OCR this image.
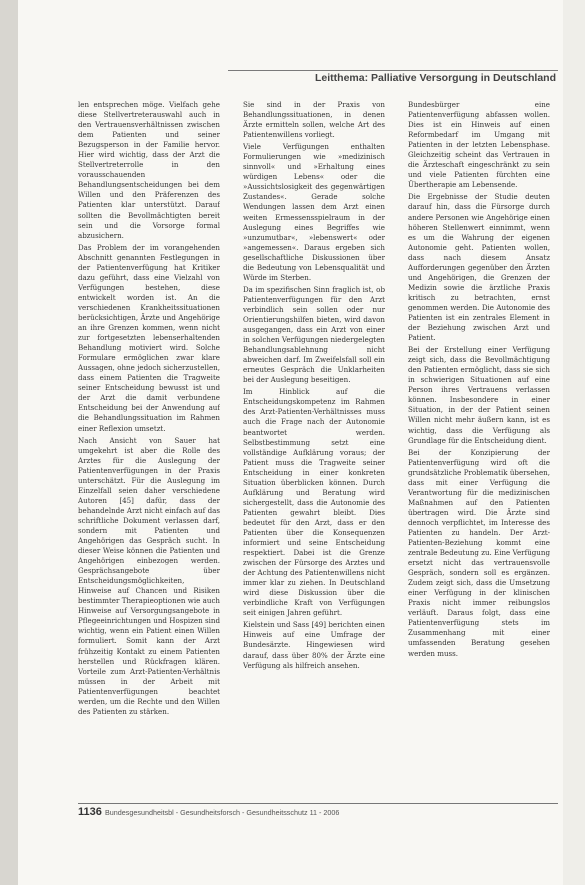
Leitthema: Palliative Versorgung in Deutschland

len entsprechen möge. Vielfach gehe diese Stellvertreterauswahl auch in den Vertrauensverhältnissen zwischen dem Patienten und seiner Bezugsperson in der Familie hervor. Hier wird wichtig, dass der Arzt die Stellvertreterrolle in den vorausschauenden Behandlungsentscheidungen bei dem Willen und den Präferenzen des Patienten klar unterstützt. Darauf sollten die Bevollmächtigten bereit sein und die Vorsorge formal abzusichern.

Das Problem der im vorangehenden Abschnitt genannten Festlegungen in der Patientenverfügung hat Kritiker dazu geführt, dass eine Vielzahl von Verfügungen bestehen, diese entwickelt worden ist. An die verschiedenen Krankheitssituationen berücksichtigen, Ärzte und Angehörige an ihre Grenzen kommen, wenn nicht zur fortgesetzten lebenserhaltenden Behandlung motiviert wird. Solche Formulare ermöglichen zwar klare Aussagen, ohne jedoch sicherzustellen, dass einem Patienten die Tragweite seiner Entscheidung bewusst ist und der Arzt die damit verbundene Entscheidung bei der Anwendung auf die Behandlungssituation im Rahmen einer Reflexion umsetzt.

Nach Ansicht von Sauer hat umgekehrt ist aber die Rolle des Arztes für die Auslegung der Patientenverfügungen in der Praxis unterschätzt. Für die Auslegung im Einzelfall seien daher verschiedene Autoren [45] dafür, dass der behandelnde Arzt nicht einfach auf das schriftliche Dokument verlassen darf, sondern mit Patienten und Angehörigen das Gespräch sucht. In dieser Weise können die Patienten und Angehörigen einbezogen werden. Gesprächsangebote über Entscheidungsmöglichkeiten, Hinweise auf Chancen und Risiken bestimmter Therapieoptionen wie auch Hinweise auf Versorgungsangebote in Pflegeeinrichtungen und Hospizen sind wichtig, wenn ein Patient einen Willen formuliert. Somit kann der Arzt frühzeitig Kontakt zu einem Patienten herstellen und Rückfragen klären. Vorteile zum Arzt-Patienten-Verhältnis müssen in der Arbeit mit Patientenverfügungen beachtet werden, um die Rechte und den Willen des Patienten zu stärken.

Sie sind in der Praxis von Behandlungssituationen, in denen Ärzte ermitteln sollen, welche Art des Patientenwillens vorliegt.

Viele Verfügungen enthalten Formulierungen wie »medizinisch sinnvoll« und »Erhaltung eines würdigen Lebens« oder die »Aussichtslosigkeit des gegenwärtigen Zustandes«. Gerade solche Wendungen lassen dem Arzt einen weiten Ermessensspielraum in der Auslegung eines Begriffes wie »unzumutbar«, »lebenswert« oder »angemessen«. Daraus ergeben sich gesellschaftliche Diskussionen über die Bedeutung von Lebensqualität und Würde im Sterben.

Da im spezifischen Sinn fraglich ist, ob Patientenverfügungen für den Arzt verbindlich sein sollen oder nur Orientierungshilfen bieten, wird davon ausgegangen, dass ein Arzt von einer in solchen Verfügungen niedergelegten Behandlungsablehnung nicht abweichen darf. Im Zweifelsfall soll ein erneutes Gespräch die Unklarheiten bei der Auslegung beseitigen.

Im Hinblick auf die Entscheidungskompetenz im Rahmen des Arzt-Patienten-Verhältnisses muss auch die Frage nach der Autonomie beantwortet werden. Selbstbestimmung setzt eine vollständige Aufklärung voraus; der Patient muss die Tragweite seiner Entscheidung in einer konkreten Situation überblicken können. Durch Aufklärung und Beratung wird sichergestellt, dass die Autonomie des Patienten gewahrt bleibt. Dies bedeutet für den Arzt, dass er den Patienten über die Konsequenzen informiert und seine Entscheidung respektiert. Dabei ist die Grenze zwischen der Fürsorge des Arztes und der Achtung des Patientenwillens nicht immer klar zu ziehen. In Deutschland wird diese Diskussion über die verbindliche Kraft von Verfügungen seit einigen Jahren geführt.

Kielstein und Sass [49] berichten einen Hinweis auf eine Umfrage der Bundesärzte. Hingewiesen wird darauf, dass über 80% der Ärzte eine Verfügung als hilfreich ansehen.

Bundesbürger eine Patientenverfügung abfassen wollen. Dies ist ein Hinweis auf einen Reformbedarf im Umgang mit Patienten in der letzten Lebensphase. Gleichzeitig scheint das Vertrauen in die Ärzteschaft eingeschränkt zu sein und viele Patienten fürchten eine Übertherapie am Lebensende.

Die Ergebnisse der Studie deuten darauf hin, dass die Fürsorge durch andere Personen wie Angehörige einen höheren Stellenwert einnimmt, wenn es um die Wahrung der eigenen Autonomie geht. Patienten wollen, dass nach diesem Ansatz Aufforderungen gegenüber den Ärzten und Angehörigen, die Grenzen der Medizin sowie die ärztliche Praxis kritisch zu betrachten, ernst genommen werden. Die Autonomie des Patienten ist ein zentrales Element in der Beziehung zwischen Arzt und Patient.

Bei der Erstellung einer Verfügung zeigt sich, dass die Bevollmächtigung den Patienten ermöglicht, dass sie sich in schwierigen Situationen auf eine Person ihres Vertrauens verlassen können. Insbesondere in einer Situation, in der der Patient seinen Willen nicht mehr äußern kann, ist es wichtig, dass die Verfügung als Grundlage für die Entscheidung dient.

Bei der Konzipierung der Patientenverfügung wird oft die grundsätzliche Problematik übersehen, dass mit einer Verfügung die Verantwortung für die medizinischen Maßnahmen auf den Patienten übertragen wird. Die Ärzte sind dennoch verpflichtet, im Interesse des Patienten zu handeln. Der Arzt-Patienten-Beziehung kommt eine zentrale Bedeutung zu. Eine Verfügung ersetzt nicht das vertrauensvolle Gespräch, sondern soll es ergänzen. Zudem zeigt sich, dass die Umsetzung einer Verfügung in der klinischen Praxis nicht immer reibungslos verläuft. Daraus folgt, dass eine Patientenverfügung stets im Zusammenhang mit einer umfassenden Beratung gesehen werden muss.

1136 Bundesgesundheitsbl - Gesundheitsforsch - Gesundheitsschutz 11 - 2006
